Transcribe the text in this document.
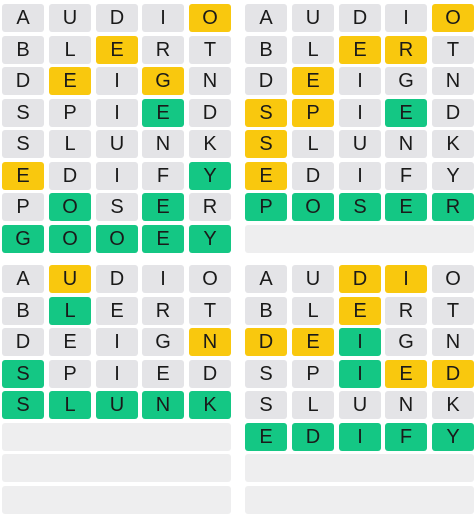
A	U	D	I	O
B	L	E	R	T
D	E	I	G	N
S	P	I	E	D
S	L	U	N	K
E	D	I	F	Y
P	O	S	E	R
G	O	O	E	Y
A	U	D	I	O
B	L	E	R	T
D	E	I	G	N
S	P	I	E	D
S	L	U	N	K
E	D	I	F	Y
P	O	S	E	R
A	U	D	I	O
B	L	E	R	T
D	E	I	G	N
S	P	I	E	D
S	L	U	N	K
A	U	D	I	O
B	L	E	R	T
D	E	I	G	N
S	P	I	E	D
S	L	U	N	K
E	D	I	F	Y
